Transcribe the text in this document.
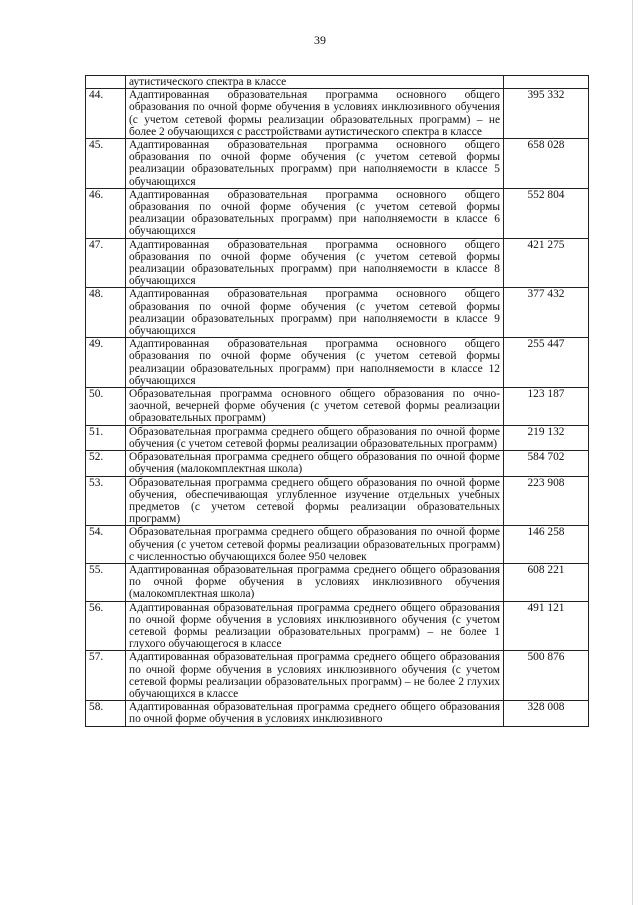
39
	аутистического спектра в классе	
44.	Адаптированная образовательная программа основного общего образования по очной форме обучения в условиях инклюзивного обучения (с учетом сетевой формы реализации образовательных программ) – не более 2 обучающихся с расстройствами аутистического спектра в классе	395 332
45.	Адаптированная образовательная программа основного общего образования по очной форме обучения (с учетом сетевой формы реализации образовательных программ) при наполняемости в классе 5 обучающихся	658 028
46.	Адаптированная образовательная программа основного общего образования по очной форме обучения (с учетом сетевой формы реализации образовательных программ) при наполняемости в классе 6 обучающихся	552 804
47.	Адаптированная образовательная программа основного общего образования по очной форме обучения (с учетом сетевой формы реализации образовательных программ) при наполняемости в классе 8 обучающихся	421 275
48.	Адаптированная образовательная программа основного общего образования по очной форме обучения (с учетом сетевой формы реализации образовательных программ) при наполняемости в классе 9 обучающихся	377 432
49.	Адаптированная образовательная программа основного общего образования по очной форме обучения (с учетом сетевой формы реализации образовательных программ) при наполняемости в классе 12 обучающихся	255 447
50.	Образовательная программа основного общего образования по очно-заочной, вечерней форме обучения (с учетом сетевой формы реализации образовательных программ)	123 187
51.	Образовательная программа среднего общего образования по очной форме обучения (с учетом сетевой формы реализации образовательных программ)	219 132
52.	Образовательная программа среднего общего образования по очной форме обучения (малокомплектная школа)	584 702
53.	Образовательная программа среднего общего образования по очной форме обучения, обеспечивающая углубленное изучение отдельных учебных предметов (с учетом сетевой формы реализации образовательных программ)	223 908
54.	Образовательная программа среднего общего образования по очной форме обучения (с учетом сетевой формы реализации образовательных программ) с численностью обучающихся более 950 человек	146 258
55.	Адаптированная образовательная программа среднего общего образования по очной форме обучения в условиях инклюзивного обучения (малокомплектная школа)	608 221
56.	Адаптированная образовательная программа среднего общего образования по очной форме обучения в условиях инклюзивного обучения (с учетом сетевой формы реализации образовательных программ) – не более 1 глухого обучающегося в классе	491 121
57.	Адаптированная образовательная программа среднего общего образования по очной форме обучения в условиях инклюзивного обучения (с учетом сетевой формы реализации образовательных программ) – не более 2 глухих обучающихся в классе	500 876
58.	Адаптированная образовательная программа среднего общего образования по очной форме обучения в условиях инклюзивного	328 008
